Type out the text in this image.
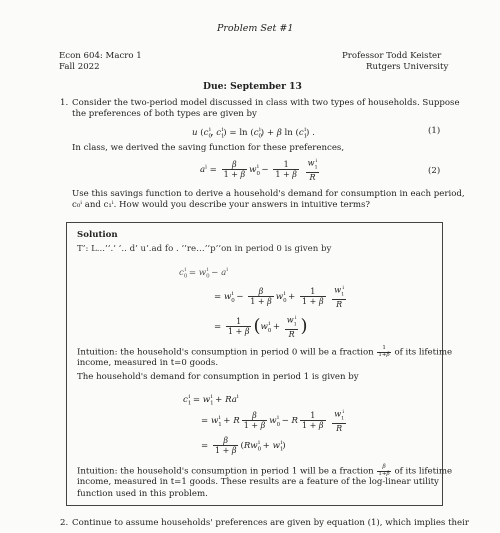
Problem Set #1
Econ 604: Macro 1
Fall 2022
Professor Todd Keister
Rutgers University
Due: September 13
1. Consider the two-period model discussed in class with two types of households. Suppose
the preferences of both types are given by
u ($c_0^i$, $c_1^i) = \ln (c_0^i) + \beta$ $\ln (c_1^i)$ .	(1)
In class, we derived the saving function for these preferences,
$a^i = \frac{\beta}{1 + \beta} w_0^i - \frac{1}{1 + \beta}$
$\frac{w_1^i}{R}$	(2)
Use this savings function to derive a household's demand for consumption in each period,
c₀ⁱ and c₁ⁱ. How would you describe your answers in intuitive terms?
Solution
T’: L...’’.’ ’.. d’ u’.ad fo . ’’re…’’p’’on in period 0 is given by
$c_0^i = w_0^i - a^i$
= $w_0^i - \frac{\beta}{1 + \beta} w_0^i + \frac{1}{1 + \beta}$
$\frac{w_1^i}{R}$
= $\frac{1}{1 + \beta} (w_0^i + \frac{w_1^i}{R}$ )
Intuition: the household's consumption in period 0 will be a fraction $\frac{1}{1+\beta}$ of its lifetime
income, measured in t=0 goods.
The household's demand for consumption in period 1 is given by
$c_1^i = w_1^i + Ra^i$
= $w_1^i + R \frac{\beta}{1 + \beta} w_0^i - R \frac{1}{1 + \beta}$
$\frac{w_1^i}{R}$
= $\frac{\beta}{1 + \beta} (Rw_0^i + w_1^i)$
Intuition: the household's consumption in period 1 will be a fraction $\frac{\beta}{1+\beta}$ of its lifetime
income, measured in t=1 goods. These results are a feature of the log-linear utility
function used in this problem.
2. Continue to assume households' preferences are given by equation (1), which implies their
